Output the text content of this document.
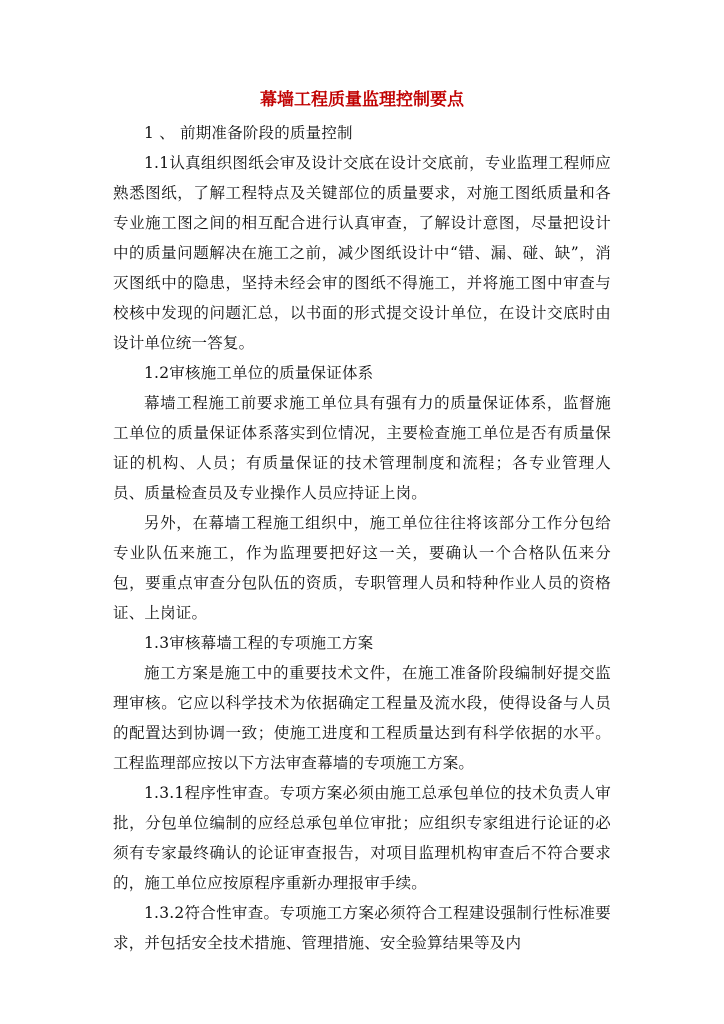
幕墙工程质量监理控制要点

1 、 前期准备阶段的质量控制

1.1认真组织图纸会审及设计交底在设计交底前，专业监理工程师应熟悉图纸，了解工程特点及关键部位的质量要求，对施工图纸质量和各专业施工图之间的相互配合进行认真审查，了解设计意图，尽量把设计中的质量问题解决在施工之前，减少图纸设计中“错、漏、碰、缺”，消灭图纸中的隐患，坚持未经会审的图纸不得施工，并将施工图中审查与校核中发现的问题汇总，以书面的形式提交设计单位，在设计交底时由设计单位统一答复。

1.2审核施工单位的质量保证体系

幕墙工程施工前要求施工单位具有强有力的质量保证体系，监督施工单位的质量保证体系落实到位情况，主要检查施工单位是否有质量保证的机构、人员；有质量保证的技术管理制度和流程；各专业管理人员、质量检查员及专业操作人员应持证上岗。

另外，在幕墙工程施工组织中，施工单位往往将该部分工作分包给专业队伍来施工，作为监理要把好这一关，要确认一个合格队伍来分包，要重点审查分包队伍的资质，专职管理人员和特种作业人员的资格证、上岗证。

1.3审核幕墙工程的专项施工方案

施工方案是施工中的重要技术文件，在施工准备阶段编制好提交监理审核。它应以科学技术为依据确定工程量及流水段，使得设备与人员的配置达到协调一致；使施工进度和工程质量达到有科学依据的水平。工程监理部应按以下方法审查幕墙的专项施工方案。

1.3.1程序性审查。专项方案必须由施工总承包单位的技术负责人审批，分包单位编制的应经总承包单位审批；应组织专家组进行论证的必须有专家最终确认的论证审查报告，对项目监理机构审查后不符合要求的，施工单位应按原程序重新办理报审手续。

1.3.2符合性审查。专项施工方案必须符合工程建设强制行性标准要求，并包括安全技术措施、管理措施、安全验算结果等及内
